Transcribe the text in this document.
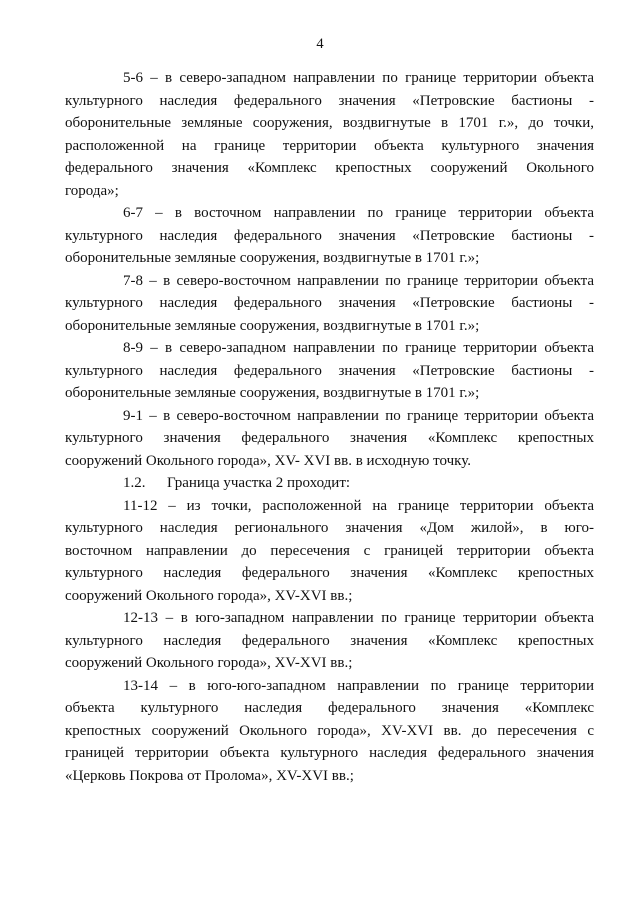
4

5-6 – в северо-западном направлении по границе территории объекта
культурного наследия федерального значения «Петровские бастионы -
оборонительные земляные сооружения, воздвигнутые в 1701 г.», до точки,
расположенной на границе территории объекта культурного значения
федерального значения «Комплекс крепостных сооружений Окольного
города»;

6-7 – в восточном направлении по границе территории объекта
культурного наследия федерального значения «Петровские бастионы -
оборонительные земляные сооружения, воздвигнутые в 1701 г.»;

7-8 – в северо-восточном направлении по границе территории объекта
культурного наследия федерального значения «Петровские бастионы -
оборонительные земляные сооружения, воздвигнутые в 1701 г.»;

8-9 – в северо-западном направлении по границе территории объекта
культурного наследия федерального значения «Петровские бастионы -
оборонительные земляные сооружения, воздвигнутые в 1701 г.»;

9-1 – в северо-восточном направлении по границе территории объекта
культурного значения федерального значения «Комплекс крепостных
сооружений Окольного города», XV- XVI вв. в исходную точку.

1.2. Граница участка 2 проходит:

11-12 – из точки, расположенной на границе территории объекта
культурного наследия регионального значения «Дом жилой», в юго-
восточном направлении до пересечения с границей территории объекта
культурного наследия федерального значения «Комплекс крепостных
сооружений Окольного города», XV-XVI вв.;

12-13 – в юго-западном направлении по границе территории объекта
культурного наследия федерального значения «Комплекс крепостных
сооружений Окольного города», XV-XVI вв.;

13-14 – в юго-юго-западном направлении по границе территории
объекта культурного наследия федерального значения «Комплекс
крепостных сооружений Окольного города», XV-XVI вв. до пересечения с
границей территории объекта культурного наследия федерального значения
«Церковь Покрова от Пролома», XV-XVI вв.;
